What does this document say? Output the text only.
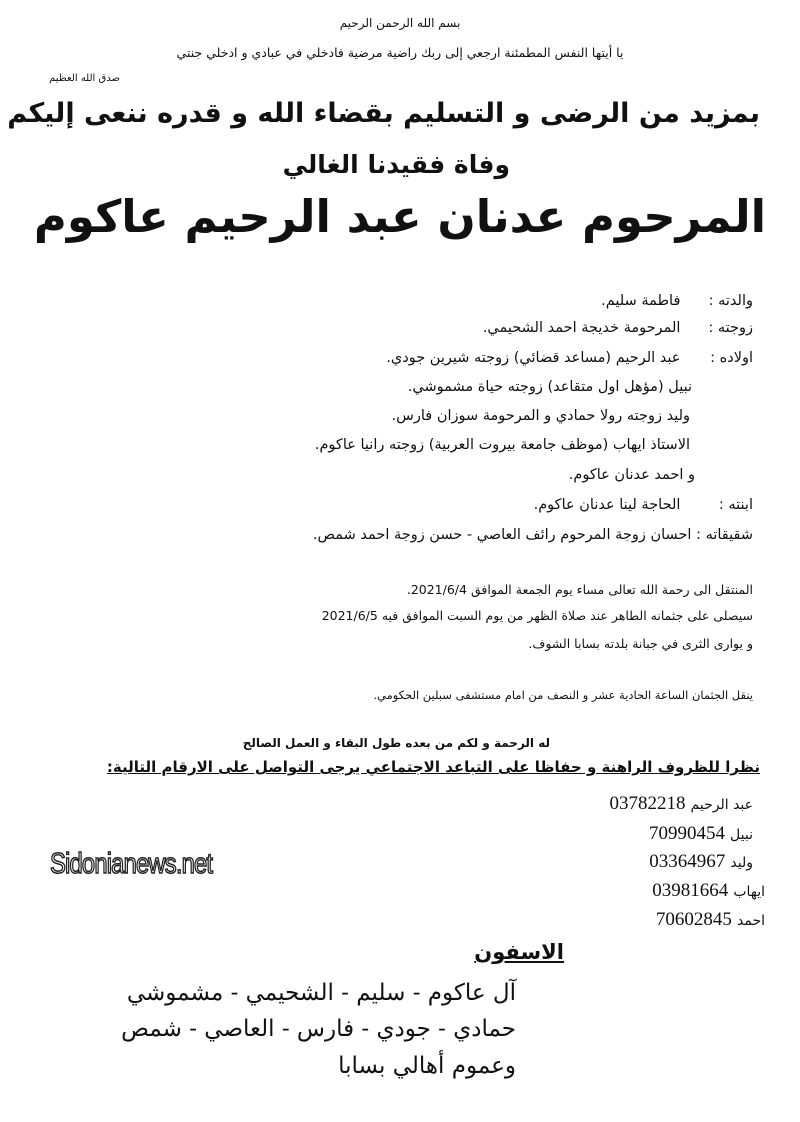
بسم الله الرحمن الرحيم
يا أيتها النفس المطمئنة ارجعي إلى ربك راضية مرضية فادخلي في عبادي و ادخلي جنتي
صدق الله العظيم
بمزيد من الرضى و التسليم بقضاء الله و قدره ننعى إليكم
وفاة فقيدنا الغالي
المرحوم عدنان عبد الرحيم عاكوم
والدته : فاطمة سليم.
زوجته : المرحومة خديجة احمد الشحيمي.
اولاده : عبد الرحيم (مساعد قضائي) زوجته شيرين جودي.
نبيل (مؤهل اول متقاعد) زوجته حياة مشموشي.
وليد زوجته رولا حمادي و المرحومة سوزان فارس.
الاستاذ ايهاب (موظف جامعة بيروت العربية) زوجته رانيا عاكوم.
و احمد عدنان عاكوم.
ابنته : الحاجة لينا عدنان عاكوم.
شقيقاته : احسان زوجة المرحوم رائف العاصي - حسن زوجة احمد شمص.
المنتقل الى رحمة الله تعالى مساء يوم الجمعة الموافق 2021/6/4.
سيصلى على جثمانه الطاهر عند صلاة الظهر من يوم السبت الموافق فيه 2021/6/5
و يوارى الثرى في جبانة بلدته بسابا الشوف.
ينقل الجثمان الساعة الحادية عشر و النصف من امام مستشفى سبلين الحكومي.
له الرحمة و لكم من بعده طول البقاء و العمل الصالح
نظرا للظروف الراهنة و حفاظا على التباعد الاجتماعي يرجى التواصل على الارقام التالية:
عبد الرحيم 03782218
نبيل 70990454
وليد 03364967
ايهاب 03981664
احمد 70602845
Sidonianews.net
الاسفون
آل عاكوم - سليم - الشحيمي - مشموشي
حمادي - جودي - فارس - العاصي - شمص
وعموم أهالي بسابا
